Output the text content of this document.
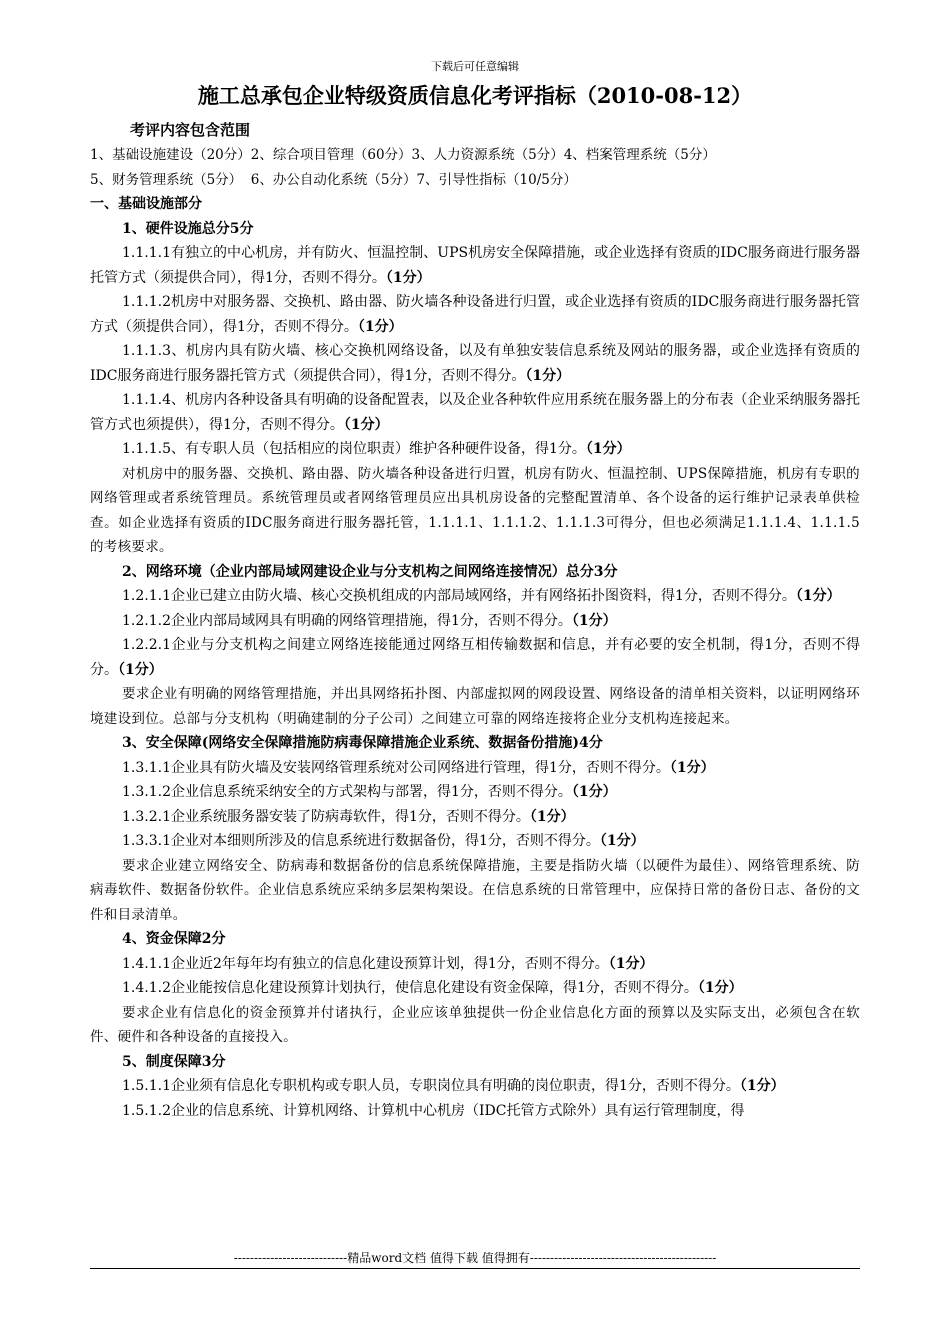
下载后可任意编辑
施工总承包企业特级资质信息化考评指标（2010-08-12）
考评内容包含范围
1、基础设施建设（20分）2、综合项目管理（60分）3、人力资源系统（5分）4、档案管理系统（5分）
5、财务管理系统（5分）  6、办公自动化系统（5分）7、引导性指标（10/5分）
一、基础设施部分
1、硬件设施总分5分
1.1.1.1有独立的中心机房，并有防火、恒温控制、UPS机房安全保障措施，或企业选择有资质的IDC服务商进行服务器托管方式（须提供合同），得1分，否则不得分。（1分）
1.1.1.2机房中对服务器、交换机、路由器、防火墙各种设备进行归置，或企业选择有资质的IDC服务商进行服务器托管方式（须提供合同），得1分，否则不得分。（1分）
1.1.1.3、机房内具有防火墙、核心交换机网络设备，以及有单独安装信息系统及网站的服务器，或企业选择有资质的IDC服务商进行服务器托管方式（须提供合同），得1分，否则不得分。（1分）
1.1.1.4、机房内各种设备具有明确的设备配置表，以及企业各种软件应用系统在服务器上的分布表（企业采纳服务器托管方式也须提供），得1分，否则不得分。（1分）
1.1.1.5、有专职人员（包括相应的岗位职责）维护各种硬件设备，得1分。（1分）
对机房中的服务器、交换机、路由器、防火墙各种设备进行归置，机房有防火、恒温控制、UPS保障措施，机房有专职的网络管理或者系统管理员。系统管理员或者网络管理员应出具机房设备的完整配置清单、各个设备的运行维护记录表单供检查。如企业选择有资质的IDC服务商进行服务器托管，1.1.1.1、1.1.1.2、1.1.1.3可得分，但也必须满足1.1.1.4、1.1.1.5的考核要求。
2、网络环境（企业内部局域网建设企业与分支机构之间网络连接情况）总分3分
1.2.1.1企业已建立由防火墙、核心交换机组成的内部局域网络，并有网络拓扑图资料，得1分，否则不得分。（1分）
1.2.1.2企业内部局域网具有明确的网络管理措施，得1分，否则不得分。（1分）
1.2.2.1企业与分支机构之间建立网络连接能通过网络互相传输数据和信息，并有必要的安全机制，得1分，否则不得分。（1分）
要求企业有明确的网络管理措施，并出具网络拓扑图、内部虚拟网的网段设置、网络设备的清单相关资料，以证明网络环境建设到位。总部与分支机构（明确建制的分子公司）之间建立可靠的网络连接将企业分支机构连接起来。
3、安全保障(网络安全保障措施防病毒保障措施企业系统、数据备份措施)4分
1.3.1.1企业具有防火墙及安装网络管理系统对公司网络进行管理，得1分，否则不得分。（1分）
1.3.1.2企业信息系统采纳安全的方式架构与部署，得1分，否则不得分。（1分）
1.3.2.1企业系统服务器安装了防病毒软件，得1分，否则不得分。（1分）
1.3.3.1企业对本细则所涉及的信息系统进行数据备份，得1分，否则不得分。（1分）
要求企业建立网络安全、防病毒和数据备份的信息系统保障措施，主要是指防火墙（以硬件为最佳）、网络管理系统、防病毒软件、数据备份软件。企业信息系统应采纳多层架构架设。在信息系统的日常管理中，应保持日常的备份日志、备份的文件和目录清单。
4、资金保障2分
1.4.1.1企业近2年每年均有独立的信息化建设预算计划，得1分，否则不得分。（1分）
1.4.1.2企业能按信息化建设预算计划执行，使信息化建设有资金保障，得1分，否则不得分。（1分）
要求企业有信息化的资金预算并付诸执行，企业应该单独提供一份企业信息化方面的预算以及实际支出，必须包含在软件、硬件和各种设备的直接投入。
5、制度保障3分
1.5.1.1企业须有信息化专职机构或专职人员，专职岗位具有明确的岗位职责，得1分，否则不得分。（1分）
1.5.1.2企业的信息系统、计算机网络、计算机中心机房（IDC托管方式除外）具有运行管理制度，得
----------------------------精品word文档 值得下载 值得拥有----------------------------------------------
